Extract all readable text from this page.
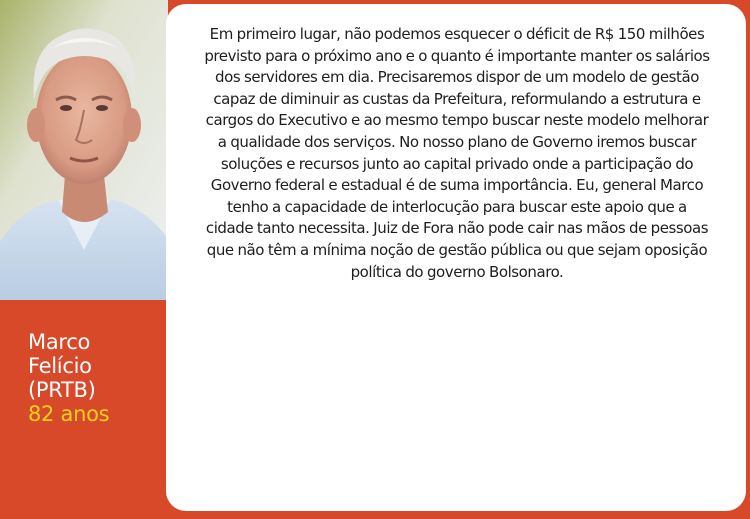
Marco
Felício
(PRTB)
82 anos

Em primeiro lugar, não podemos esquecer o déficit de R$ 150 milhões previsto para o próximo ano e o quanto é importante manter os salários dos servidores em dia. Precisaremos dispor de um modelo de gestão capaz de diminuir as custas da Prefeitura, reformulando a estrutura e cargos do Executivo e ao mesmo tempo buscar neste modelo melhorar a qualidade dos serviços. No nosso plano de Governo iremos buscar soluções e recursos junto ao capital privado onde a participação do Governo federal e estadual é de suma importância. Eu, general Marco tenho a capacidade de interlocução para buscar este apoio que a cidade tanto necessita. Juiz de Fora não pode cair nas mãos de pessoas que não têm a mínima noção de gestão pública ou que sejam oposição política do governo Bolsonaro.
